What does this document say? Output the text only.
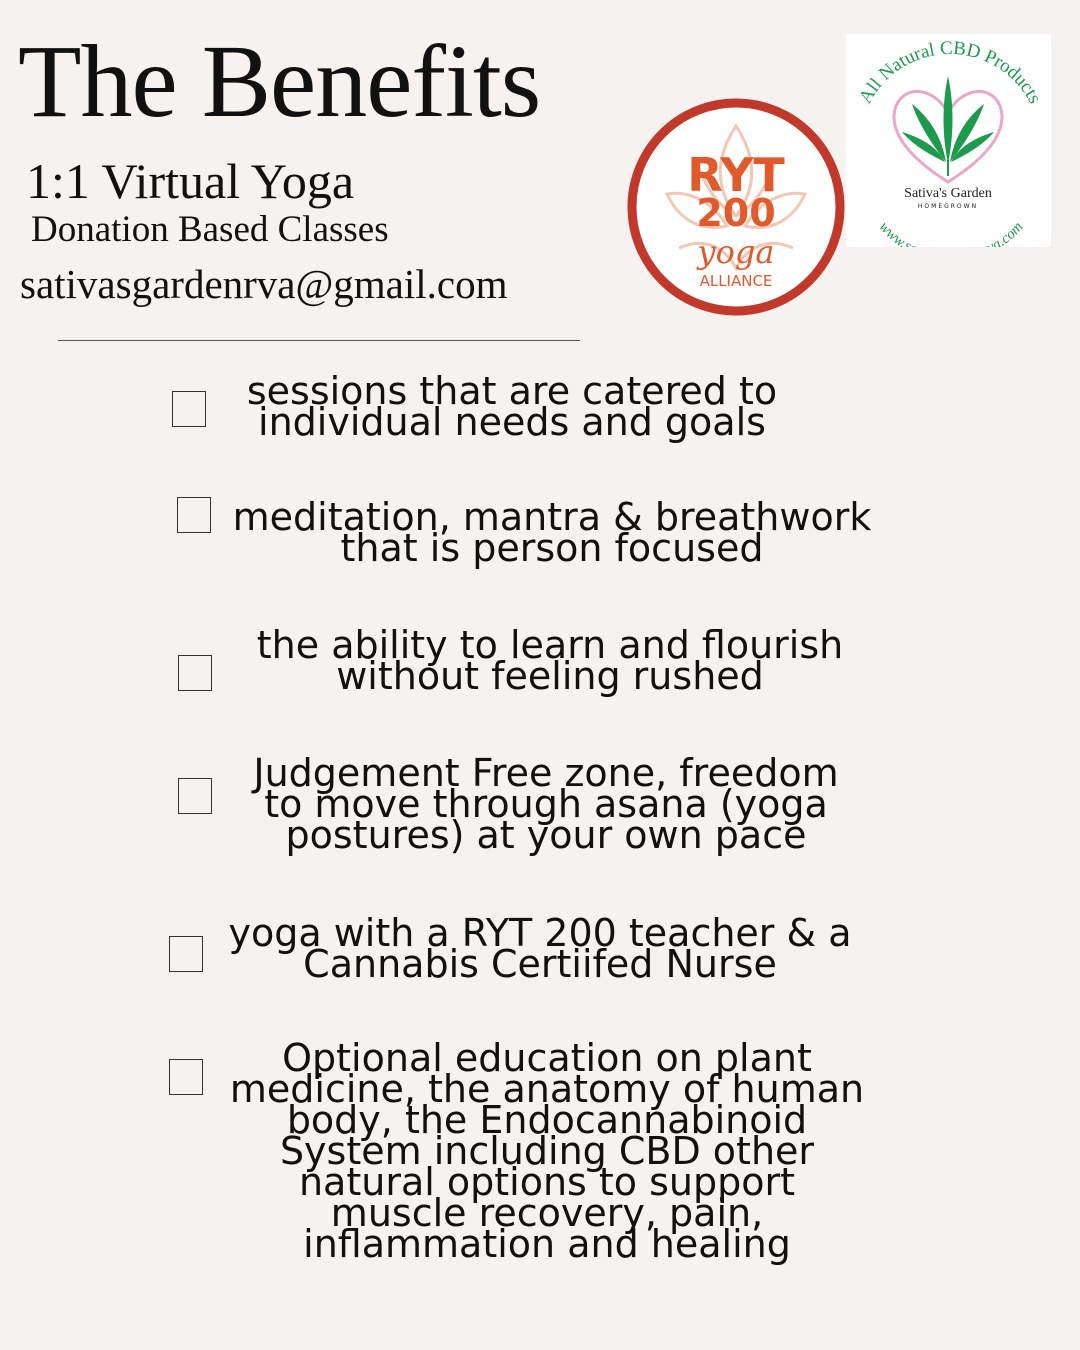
The Benefits
1:1 Virtual Yoga
Donation Based Classes
sativasgardenrva@gmail.com
RYT
200
yoga
ALLIANCE
All Natural CBD Products
www.s a.com
Sativa's Garden
HOMEGROWN
sessions that are catered to
individual needs and goals
meditation, mantra & breathwork
that is person focused
the ability to learn and flourish
without feeling rushed
Judgement Free zone, freedom
to move through asana (yoga
postures) at your own pace
yoga with a RYT 200 teacher & a
Cannabis Certiifed Nurse
Optional education on plant
medicine, the anatomy of human
body, the Endocannabinoid
System including CBD other
natural options to support
muscle recovery, pain,
inflammation and healing
